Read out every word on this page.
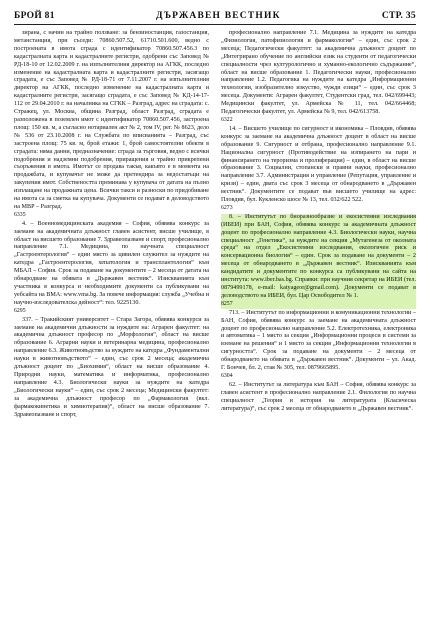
БРОЙ 81	ДЪРЖАВЕН ВЕСТНИК	СТР. 35

зирана, с начин на трайно ползване: за бензиностанция, газостанция, метанстанция, при съседи: 70860.507.52, 61710.501.600, ведно с построената в имота сграда с идентификатор 70860.507.456.3 по кадастралната карта и кадастралните регистри, одобрени със Заповед № РД-18-10 от 12.02.2009 г. на изпълнителния директор на АГКК, последно изменение на кадастралната карта и кадастралните регистри, засягащо сградата, е със Заповед № РД-18-71 от 7.11.2007 г. на изпълнителния директор на АГКК, последно изменение на кадастралната карта и кадастралните регистри, засягащо сградата, е със Заповед № КД-14-17-112 от 29.04.2010 г. на началника на СГКК – Разград, адрес на сградата: с. Стражец, ул. Москва, община Разград, област Разград, сградата е разположена в поземлен имот с идентификатор 70860.507.456, застроена площ: 150 кв. м, а съгласно нотариален акт № 2, том IV, рег. № 8623, дело № 536 от 23.10.2008 г. на Службата по вписванията – Разград, със застроена площ: 75 кв. м, брой етажи: 1, брой самостоятелни обекти в сградата: няма данни, предназначение: сграда за търговия, ведно с всички подобрения и надземни подобрения, приращения и трайно прикрепени съоръжения в имота. Имотът се продава такъв, какъвто е в момента на продажбата, и купувачът не може да претендира за недостатъци на закупения имот. Собствеността преминава у купувача от датата на пълно изплащане на продажната цена. Всички такси и разноски по придобиване на имота са за сметка на купувача. Документи се подават в деловодството на МВР – Разград.

6335

4. – Военномедицинската академия – София, обявява конкурс за заемане на академичната длъжност главен асистент, висше училище, в област на висшето образование 7. Здравеопазване и спорт, професионално направление 7.1. Медицина, по научната специалност „Гастроентерология“ – един място за цивилен служител за нуждите на катедра „Гастроентерология, хепатология и трансплантология“ към МБАЛ – София. Срок за подаване на документите – 2 месеца от датата на обнародване на обявата в „Държавен вестник“. Изискванията към участника в конкурса и необходимите документи са публикувани на уебсайта на ВМА: www.vma.bg. За повече информация: служба „Учебна и научно-изследователска дейност“: тел. 9225130.

6295

337. – Тракийският университет – Стара Загора, обявява конкурси за заемане на академични длъжности за нуждите на: Аграрен факултет: на академична длъжност професор по „Морфология“, област на висше образование 6. Аграрни науки и ветеринарна медицина, професионално направление 6.3. Животновъдство за нуждите на катедра „Фундаментални науки в животновъдството“ – един, със срок 2 месеца; академична длъжност доцент по „Биохимия“, област на висше образование 4. Природни науки, математика и информатика, професионално направление 4.3. Биологически науки за нуждите на катедра „Биологически науки“ – един, със срок 2 месеца; Медицински факултет: за академична длъжност професор по „Фармакология (вкл. фармакокинетика и химиотерапия)“, област на висше образование 7. Здравеопазване и спорт,

професионално направление 7.1. Медицина за нуждите на катедра „Физиология, патофизиология и фармакология“ – един, със срок 2 месеца; Педагогически факултет: за академична длъжност доцент по „Интегрирано обучение по английски език на студенти от педагогически специалности чрез културологично и хуманно-екологично съдържание“, област на висше образование 1. Педагогически науки, професионално направление 1.2. Педагогика на нуждите на катедра „Информационни технологии, изобразително изкуство, чужди езици“ – един, със срок 3 месеца. Документи: Аграрен факултет, Студентски град, тел. 042/699443; Медицински факултет, ул. Армейска № 11, тел. 042/664468; Педагогически факултет, ул. Армейска № 9, тел. 042/613758.

6322

14. – Висшето училище по сигурност и икономика – Пловдив, обявява конкурс за заемане на академична длъжност доцент в област на висше образование 9. Сигурност и отбрана, професионално направление 9.1. Национална сигурност (Противодействие на изпирането на пари и финансирането на тероризма и пролиферация) – един, в област на висше образование 3. Социални, стопански и правни науки, професионално направление 3.7. Администрация и управление (Репутация, управление и кризи) – един, двата със срок 3 месеца от обнародването в „Държавен вестник“. Документите се подават във висшето училище на адрес: Пловдив, бул. Кукленско шосе № 13, тел. 032/622 522.

6273

8. – Институтът по биоразнообразие и екосистемни изследвания (ИБЕИ) при БАН, София, обявява конкурс за академичната длъжност доцент по професионално направление 4.3. Биологически науки, научна специалност „Генетика“, за нуждите на секция „Мутагенеза от околната среда“ на отдел „Екосистемни изследвания, екологичен риск и консервационна биология“ – един. Срок за подаване на документи – 2 месеца от обнародването в „Държавен вестник“. Изискванията към кандидатите и документите по конкурса са публикувани на сайта на института: www.iber.bas.bg. Справки: при научния секретар на ИБЕИ (тел. 0879499178, e-mail: katyageor@gmail.com). Документи се подават в деловодството на ИБЕИ, бул. Цар Освободител № 1.

8257

713. – Институтът по информационни и комуникационни технологии – БАН, София, обявява конкурс за заемане на академичната длъжност доцент по професионално направление 5.2. Електротехника, електроника и автоматика – 1 място за секция „Информационни процеси и системи за вземане на решения“ и 1 място за секция „Информационни технологии в сигурността“. Срок за подаване на документи – 2 месеца от обнародването на обявата в „Държавен вестник“. Документи – ул. Акад. Г. Бончев, бл. 2, стая № 305, тел. 0879665895.

6304

62. – Институтът за литература към БАН – София, обявява конкурс за главен асистент в професионално направление 2.1. Филология по научна специалност „Теория и история на литературата (Класическа литература)“, със срок 2 месеца от обнародването в „Държавен вестник“.
